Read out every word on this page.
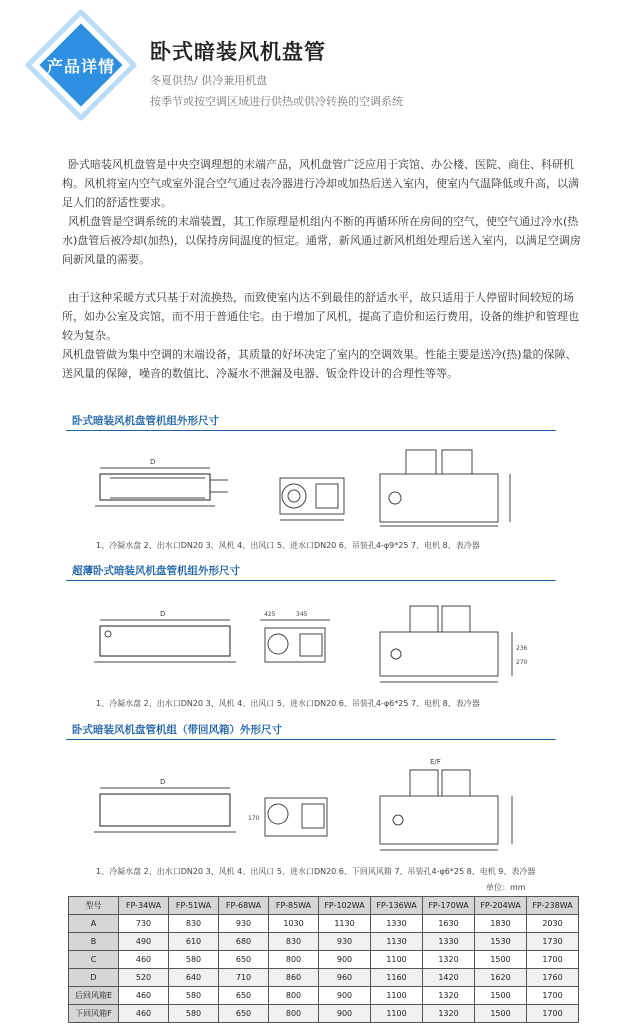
产品详情
卧式暗装风机盘管
冬夏供热/ 供冷兼用机盘
按季节或按空调区域进行供热或供冷转换的空调系统

卧式暗装风机盘管是中央空调理想的末端产品，风机盘管广泛应用于宾馆、办公楼、医院、商住、科研机构。风机将室内空气或室外混合空气通过表冷器进行冷却或加热后送入室内，使室内气温降低或升高，以满足人们的舒适性要求。

风机盘管是空调系统的末端装置，其工作原理是机组内不断的再循环所在房间的空气，使空气通过冷水(热水)盘管后被冷却(加热)，以保持房间温度的恒定。通常，新风通过新风机组处理后送入室内，以满足空调房间新风量的需要。

由于这种采暖方式只基于对流换热，而致使室内达不到最佳的舒适水平，故只适用于人停留时间较短的场所，如办公室及宾馆，而不用于普通住宅。由于增加了风机，提高了造价和运行费用，设备的维护和管理也较为复杂。

风机盘管做为集中空调的末端设备，其质量的好坏决定了室内的空调效果。性能主要是送冷(热)量的保障、送风量的保障，噪音的数值比、冷凝水不泄漏及电器、钣金件设计的合理性等等。

卧式暗装风机盘管机组外形尺寸
D
1、冷凝水盘 2、出水口DN20 3、风机 4、出风口 5、进水口DN20 6、吊装孔4-φ9*25 7、电机 8、表冷器
超薄卧式暗装风机盘管机组外形尺寸
D	425	345
236
270
1、冷凝水盘 2、出水口DN20 3、风机 4、出风口 5、进水口DN20 6、吊装孔4-φ6*25 7、电机 8、表冷器
卧式暗装风机盘管机组（带回风箱）外形尺寸
D
E/F
170
1、冷凝水盘 2、出水口DN20 3、风机 4、出风口 5、进水口DN20 6、下回风风箱 7、吊装孔4-φ6*25 8、电机 9、表冷器
单位：mm
型号	FP-34WA	FP-51WA	FP-68WA	FP-85WA	FP-102WA	FP-136WA	FP-170WA	FP-204WA	FP-238WA
A	730	830	930	1030	1130	1330	1630	1830	2030
B	490	610	680	830	930	1130	1330	1530	1730
C	460	580	650	800	900	1100	1320	1500	1700
D	520	640	710	860	960	1160	1420	1620	1760
后回风箱E	460	580	650	800	900	1100	1320	1500	1700
下回风箱F	460	580	650	800	900	1100	1320	1500	1700
